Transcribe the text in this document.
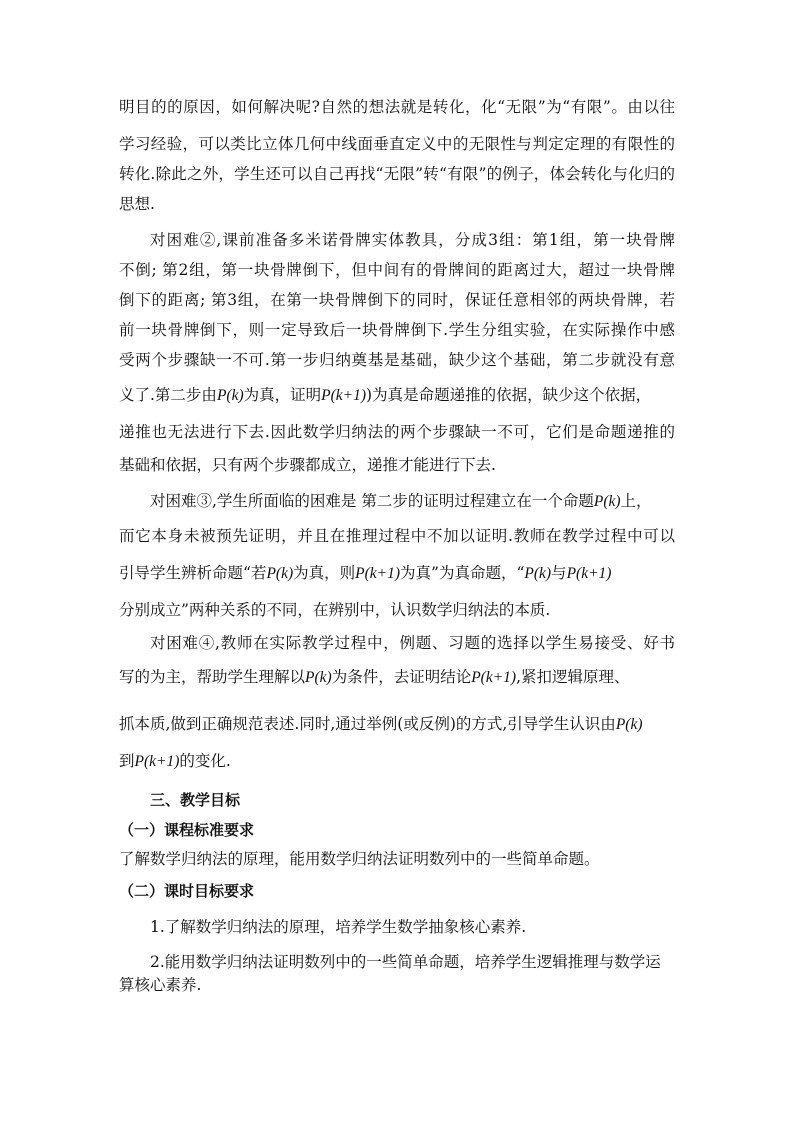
明目的的原因，如何解决呢?自然的想法就是转化，化“无限”为“有限”。由以往
学习经验，可以类比立体几何中线面垂直定义中的无限性与判定定理的有限性的
转化.除此之外，学生还可以自己再找“无限”转“有限”的例子，体会转化与化归的
思想.
对困难②,课前准备多米诺骨牌实体教具，分成3组：第1组，第一块骨牌
不倒; 第2组，第一块骨牌倒下，但中间有的骨牌间的距离过大，超过一块骨牌
倒下的距离; 第3组，在第一块骨牌倒下的同时，保证任意相邻的两块骨牌，若
前一块骨牌倒下，则一定导致后一块骨牌倒下.学生分组实验，在实际操作中感
受两个步骤缺一不可.第一步归纳奠基是基础，缺少这个基础，第二步就没有意
义了.第二步由P(k)为真，证明P(k+1))为真是命题递推的依据，缺少这个依据，
递推也无法进行下去.因此数学归纳法的两个步骤缺一不可，它们是命题递推的
基础和依据，只有两个步骤都成立，递推才能进行下去.
对困难③,学生所面临的困难是 第二步的证明过程建立在一个命题P(k)上，
而它本身未被预先证明，并且在推理过程中不加以证明.教师在教学过程中可以
引导学生辨析命题“若P(k)为真，则P(k+1)为真”为真命题，“P(k)与P(k+1)
分别成立”两种关系的不同，在辨别中，认识数学归纳法的本质.
对困难④,教师在实际教学过程中，例题、习题的选择以学生易接受、好书
写的为主，帮助学生理解以P(k)为条件，去证明结论P(k+1),紧扣逻辑原理、
抓本质,做到正确规范表述.同时,通过举例(或反例)的方式,引导学生认识由P(k)
到P(k+1)的变化.
三、教学目标
（一）课程标准要求
了解数学归纳法的原理，能用数学归纳法证明数列中的一些简单命题。
（二）课时目标要求
1.了解数学归纳法的原理，培养学生数学抽象核心素养.
2.能用数学归纳法证明数列中的一些简单命题，培养学生逻辑推理与数学运
算核心素养.
